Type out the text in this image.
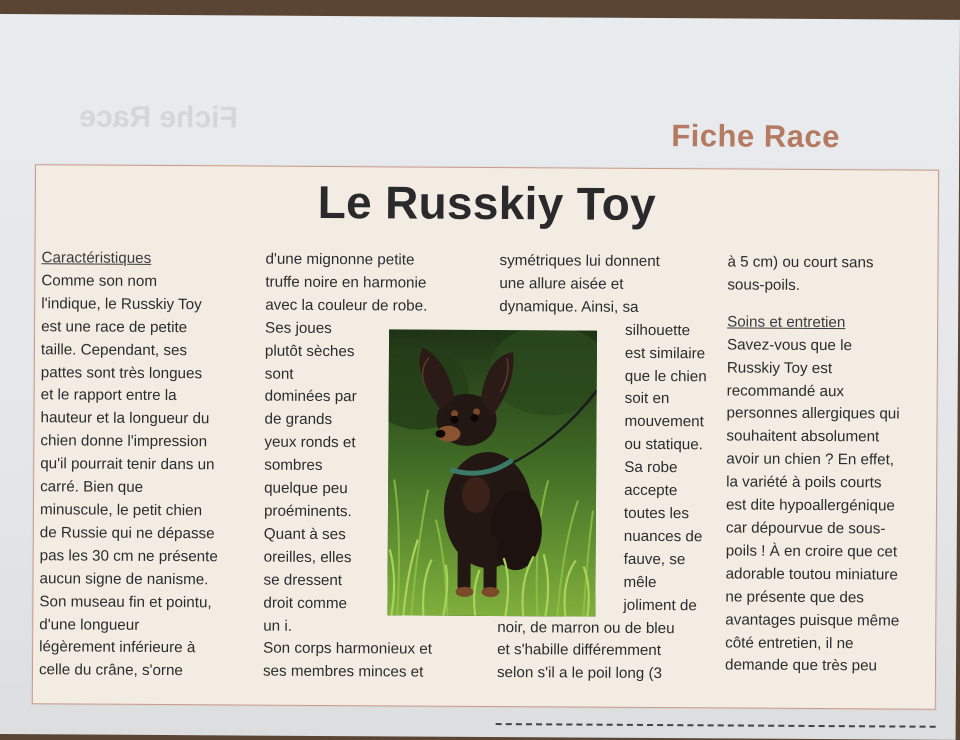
Fiche Race
Fiche Race
Le Russkiy Toy
Caractéristiques
Comme son nom
l'indique, le Russkiy Toy
est une race de petite
taille. Cependant, ses
pattes sont très longues
et le rapport entre la
hauteur et la longueur du
chien donne l'impression
qu'il pourrait tenir dans un
carré. Bien que
minuscule, le petit chien
de Russie qui ne dépasse
pas les 30 cm ne présente
aucun signe de nanisme.
Son museau fin et pointu,
d'une longueur
légèrement inférieure à
celle du crâne, s'orne
d'une mignonne petite
truffe noire en harmonie
avec la couleur de robe.
Ses joues
plutôt sèches
sont
dominées par
de grands
yeux ronds et
sombres
quelque peu
proéminents.
Quant à ses
oreilles, elles
se dressent
droit comme
un i.
Son corps harmonieux et
ses membres minces et
symétriques lui donnent
une allure aisée et
dynamique. Ainsi, sa
silhouette
est similaire
que le chien
soit en
mouvement
ou statique.
Sa robe
accepte
toutes les
nuances de
fauve, se
mêle
joliment de
noir, de marron ou de bleu
et s'habille différemment
selon s'il a le poil long (3
à 5 cm) ou court sans
sous-poils.
Soins et entretien
Savez-vous que le
Russkiy Toy est
recommandé aux
personnes allergiques qui
souhaitent absolument
avoir un chien ? En effet,
la variété à poils courts
est dite hypoallergénique
car dépourvue de sous-
poils ! À en croire que cet
adorable toutou miniature
ne présente que des
avantages puisque même
côté entretien, il ne
demande que très peu
